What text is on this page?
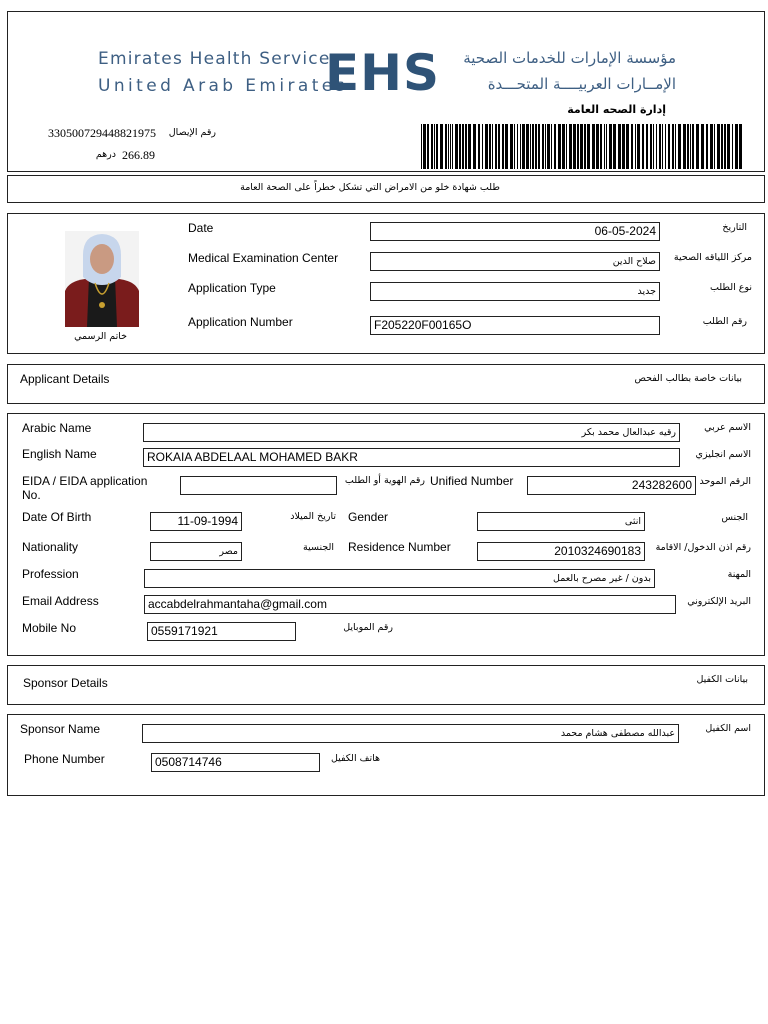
Emirates Health Service
United Arab Emirates
EHS مؤسسة الإمارات للخدمات الصحية
الإمــارات العربيــــة المتحـــدة
إدارة الصحه العامة
330500729448821975 رقم الإيصال
266.89
درهم
طلب شهادة خلو من الامراض التي تشكل خطراً على الصحة العامة
خاتم الرسمي
Date	06-05-2024	التاريخ
Medical Examination Center	صلاح الدين	مركز اللياقه الصحية
Application Type	جديد	نوع الطلب
Application Number	F205220F00165O	رقم الطلب
Applicant Details	بيانات خاصة بطالب الفحص
Arabic Name	رقيه عبدالعال محمد بكر	الاسم عربي
English Name	ROKAIA ABDELAAL MOHAMED BAKR	الاسم انجليزي
EIDA / EIDA application
No.
رقم الهوية أو الطلب Unified Number	243282600 الرقم الموحد
Date Of Birth	11-09-1994	تاريخ الميلاد Gender	انثى	الجنس
Nationality	مصر	الجنسية Residence Number	2010324690183	رقم اذن الدخول/ الاقامة
Profession	بدون / غير مصرح بالعمل	المهنة
Email Address	accabdelrahmantaha@gmail.com	البريد الإلكتروني
Mobile No	0559171921	رقم الموبايل
Sponsor Details	بيانات الكفيل
Sponsor Name	عبدالله مصطفى هشام محمد	اسم الكفيل
Phone Number	0508714746	هاتف الكفيل
